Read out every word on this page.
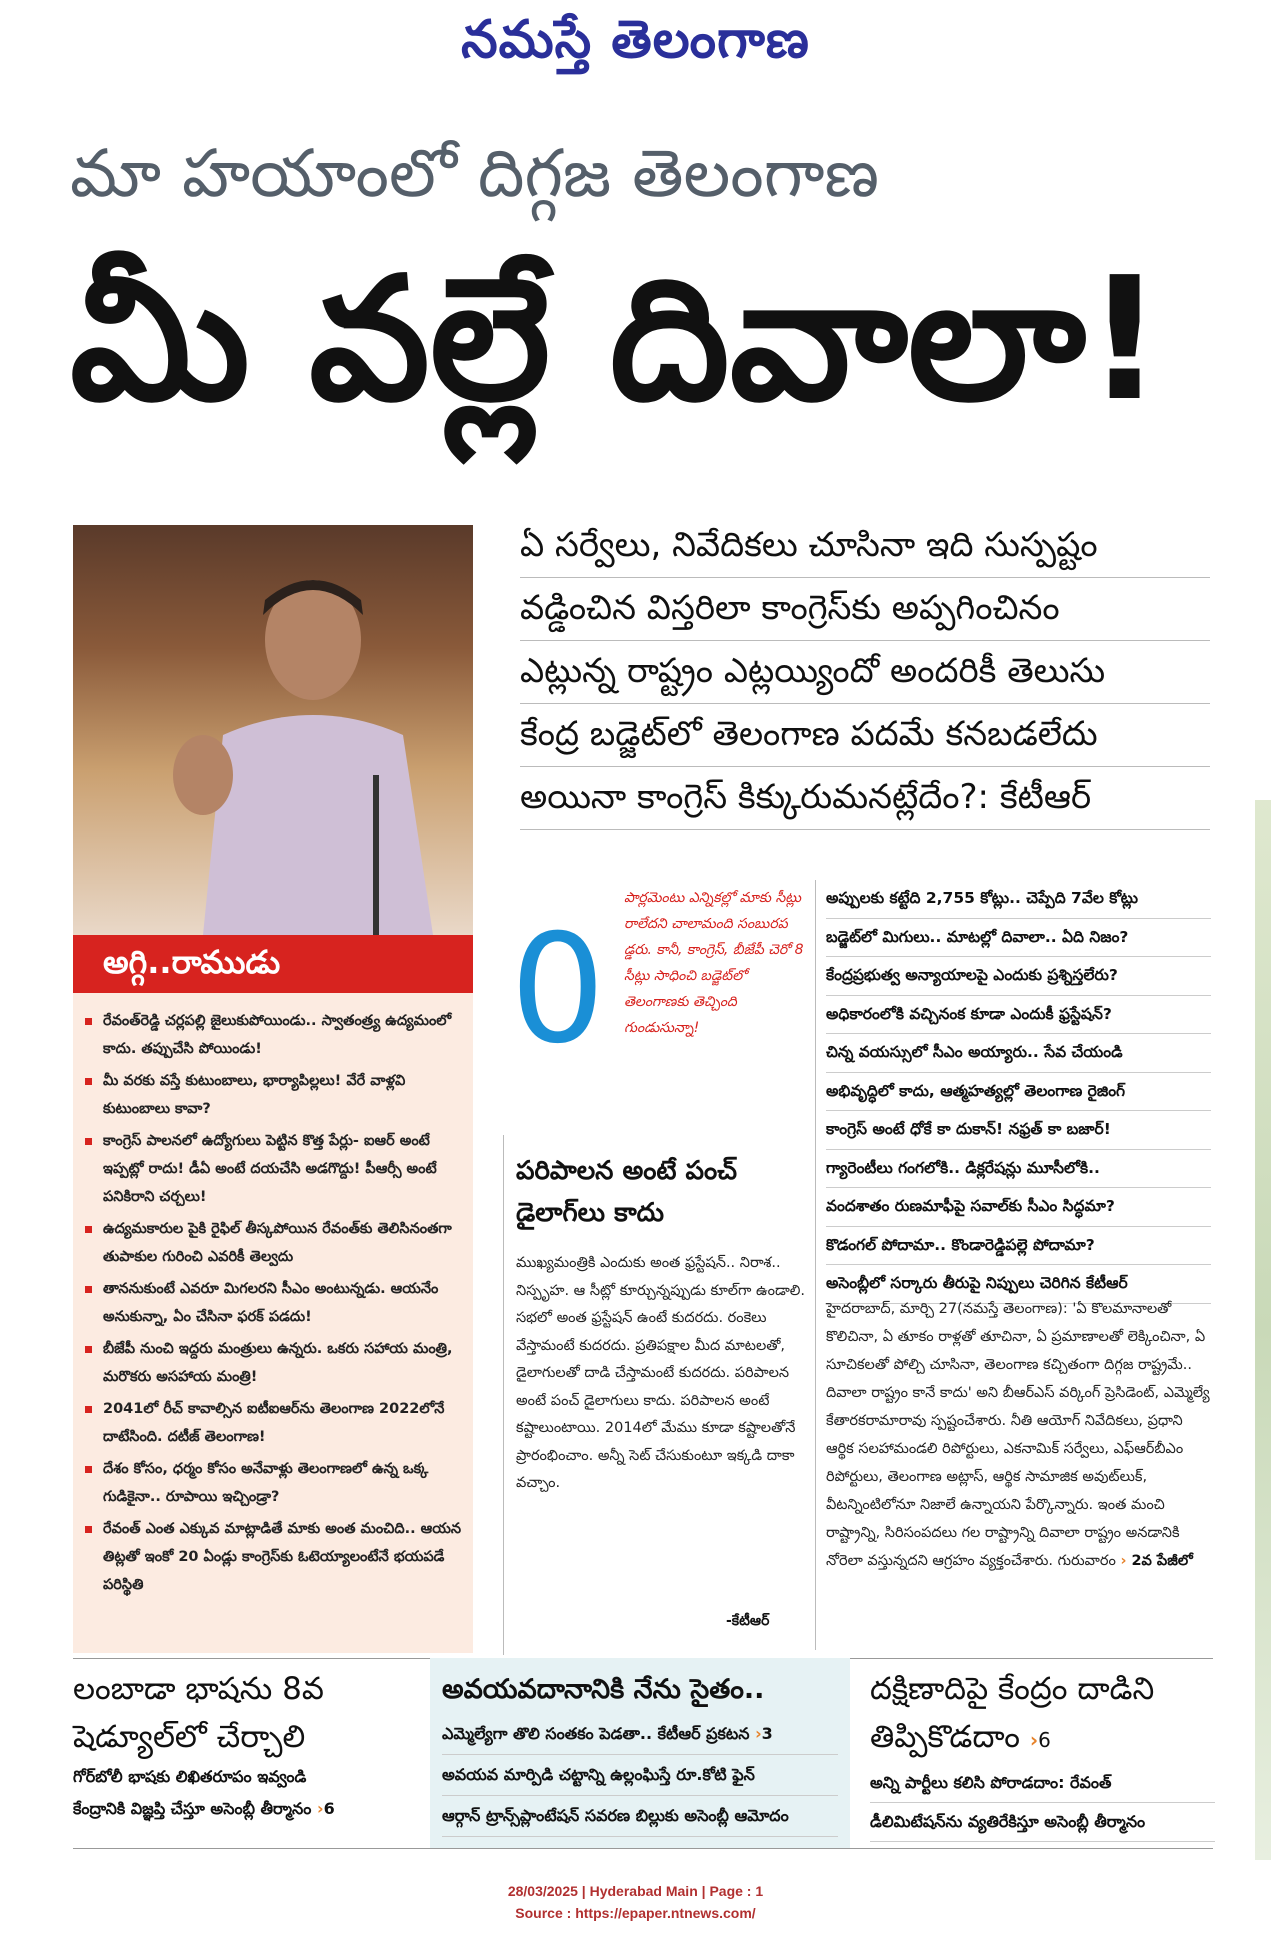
నమస్తే తెలంగాణ
మా హయాంలో దిగ్గజ తెలంగాణ
మీ వల్లే దివాలా!
అగ్గి..రాముడు
రేవంత్‌రెడ్డి చర్లపల్లి జైలుకుపోయిండు.. స్వాతంత్ర్య ఉద్యమంలో కాదు. తప్పుచేసి పోయిండు!
మీ వరకు వస్తే కుటుంబాలు, భార్యాపిల్లలు! వేరే వాళ్లవి కుటుంబాలు కావా?
కాంగ్రెస్ పాలనలో ఉద్యోగులు పెట్టిన కొత్త పేర్లు- ఐఆర్ అంటే ఇప్పట్లో రాదు! డీఏ అంటే దయచేసి అడగొద్దు! పీఆర్సీ అంటే పనికిరాని చర్చలు!
ఉద్యమకారుల పైకి రైఫిల్ తీస్కపోయిన రేవంత్‌కు తెలిసినంతగా తుపాకుల గురించి ఎవరికీ తెల్వదు
తాననుకుంటే ఎవరూ మిగలరని సీఎం అంటున్నడు. ఆయనేం అనుకున్నా, ఏం చేసినా ఫరక్ పడదు!
బీజేపీ నుంచి ఇద్దరు మంత్రులు ఉన్నరు. ఒకరు సహాయ మంత్రి, మరొకరు అసహాయ మంత్రి!
2041లో రీచ్ కావాల్సిన ఐటీఐఆర్‌ను తెలంగాణ 2022లోనే దాటేసింది. దటీజ్ తెలంగాణ!
దేశం కోసం, ధర్మం కోసం అనేవాళ్లు తెలంగాణలో ఉన్న ఒక్క గుడికైనా.. రూపాయి ఇచ్చిండ్రా?
రేవంత్ ఎంత ఎక్కువ మాట్లాడితే మాకు అంత మంచిది.. ఆయన తిట్లతో ఇంకో 20 ఏండ్లు కాంగ్రెస్‌కు ఓటెయ్యాలంటేనే భయపడే పరిస్థితి
ఏ సర్వేలు, నివేదికలు చూసినా ఇది సుస్పష్టం
వడ్డించిన విస్తరిలా కాంగ్రెస్‌కు అప్పగించినం
ఎట్లున్న రాష్ట్రం ఎట్లయ్యిందో అందరికీ తెలుసు
కేంద్ర బడ్జెట్‌లో తెలంగాణ పదమే కనబడలేదు
అయినా కాంగ్రెస్ కిక్కురుమనట్లేదేం?: కేటీఆర్
0
పార్లమెంటు ఎన్నికల్లో మాకు సీట్లు రాలేదని చాలామంది సంబురప డ్డరు. కానీ, కాంగ్రెస్, బీజేపీ చెరో 8 సీట్లు సాధించి బడ్జెట్‌లో తెలంగాణకు తెచ్చింది గుండుసున్నా!
పరిపాలన అంటే పంచ్ డైలాగ్‌లు కాదు
ముఖ్యమంత్రికి ఎందుకు అంత ఫ్రస్టేషన్.. నిరాశ.. నిస్పృహ. ఆ సీట్లో కూర్చున్నప్పుడు కూల్‌గా ఉండాలి. సభలో అంత ఫ్రస్టేషన్ ఉంటే కుదరదు. రంకెలు వేస్తామంటే కుదరదు. ప్రతిపక్షాల మీద మాటలతో, డైలాగులతో దాడి చేస్తామంటే కుదరదు. పరిపాలన అంటే పంచ్ డైలాగులు కాదు. పరిపాలన అంటే కష్టాలుంటాయి. 2014లో మేము కూడా కష్టాలతోనే ప్రారంభించాం. అన్నీ సెట్ చేసుకుంటూ ఇక్కడి దాకా వచ్చాం.
-కేటీఆర్
అప్పులకు కట్టేది 2,755 కోట్లు.. చెప్పేది 7వేల కోట్లు
బడ్జెట్‌లో మిగులు.. మాటల్లో దివాలా.. ఏది నిజం?
కేంద్రప్రభుత్వ అన్యాయాలపై ఎందుకు ప్రశ్నిస్తలేరు?
అధికారంలోకి వచ్చినంక కూడా ఎందుకీ ఫ్రస్టేషన్?
చిన్న వయస్సులో సీఎం అయ్యారు.. సేవ చేయండి
అభివృద్ధిలో కాదు, ఆత్మహత్యల్లో తెలంగాణ రైజింగ్
కాంగ్రెస్ అంటే ధోకే కా దుకాన్! నఫ్రత్ కా బజార్!
గ్యారెంటీలు గంగలోకి.. డిక్లరేషన్లు మూసీలోకి..
వందశాతం రుణమాఫీపై సవాల్‌కు సీఎం సిద్ధమా?
కొడంగల్ పోదామా.. కొండారెడ్డిపల్లె పోదామా?
అసెంబ్లీలో సర్కారు తీరుపై నిప్పులు చెరిగిన కేటీఆర్
హైదరాబాద్, మార్చి 27(నమస్తే తెలంగాణ): 'ఏ కొలమానాలతో కొలిచినా, ఏ తూకం రాళ్లతో తూచినా, ఏ ప్రమాణాలతో లెక్కించినా, ఏ సూచికలతో పోల్చి చూసినా, తెలంగాణ కచ్చితంగా దిగ్గజ రాష్ట్రమే.. దివాలా రాష్ట్రం కానే కాదు' అని బీఆర్‌ఎస్ వర్కింగ్ ప్రెసిడెంట్, ఎమ్మెల్యే కేతారకరామారావు స్పష్టంచేశారు. నీతి ఆయోగ్ నివేదికలు, ప్రధాని ఆర్థిక సలహామండలి రిపోర్టులు, ఎకనామిక్ సర్వేలు, ఎఫ్‌ఆర్‌బీఎం రిపోర్టులు, తెలంగాణ అట్లాస్, ఆర్థిక సామాజిక అవుట్‌లుక్, వీటన్నింటిలోనూ నిజాలే ఉన్నాయని పేర్కొన్నారు. ఇంత మంచి రాష్ట్రాన్ని, సిరిసంపదలు గల రాష్ట్రాన్ని దివాలా రాష్ట్రం అనడానికి నోరెలా వస్తున్నదని ఆగ్రహం వ్యక్తంచేశారు. గురువారం › 2వ పేజీలో
లంబాడా భాషను 8వ షెడ్యూల్‌లో చేర్చాలి
గోర్‌బోలీ భాషకు లిఖితరూపం ఇవ్వండి
కేంద్రానికి విజ్ఞప్తి చేస్తూ అసెంబ్లీ తీర్మానం ›6
అవయవదానానికి నేను సైతం..
ఎమ్మెల్యేగా తొలి సంతకం పెడతా.. కేటీఆర్ ప్రకటన ›3
అవయవ మార్పిడి చట్టాన్ని ఉల్లంఘిస్తే రూ.కోటి ఫైన్
ఆర్గాన్ ట్రాన్స్‌ప్లాంటేషన్ సవరణ బిల్లుకు అసెంబ్లీ ఆమోదం
దక్షిణాదిపై కేంద్రం దాడిని తిప్పికొడదాం ›6
అన్ని పార్టీలు కలిసి పోరాడదాం: రేవంత్
డీలిమిటేషన్‌ను వ్యతిరేకిస్తూ అసెంబ్లీ తీర్మానం
28/03/2025 | Hyderabad Main | Page : 1
Source : https://epaper.ntnews.com/
